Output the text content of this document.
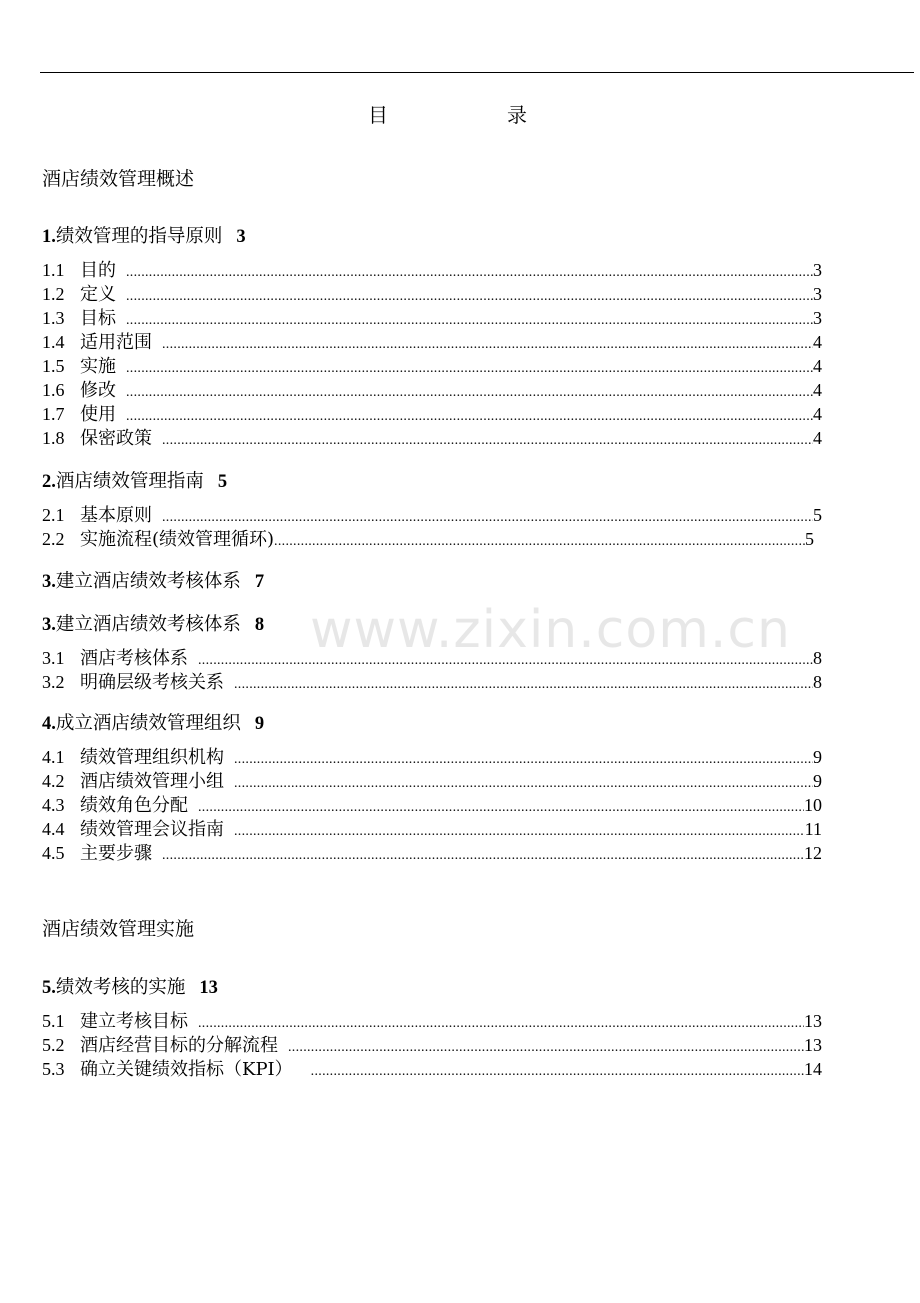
目	录
www.zixin.com.cn
酒店绩效管理概述
1.绩效管理的指导原则 3
1.1 目的 .....	3
1.2 定义 .....	3
1.3 目标 .....	3
1.4 适用范围 .....	4
1.5 实施 .....	4
1.6 修改 .....	4
1.7 使用 .....	4
1.8 保密政策 .....	4
2.酒店绩效管理指南 5
2.1 基本原则 .....	5
2.2 实施流程(绩效管理循环) .....	5
3.建立酒店绩效考核体系 7
3.建立酒店绩效考核体系 8
3.1 酒店考核体系 .....	8
3.2 明确层级考核关系 .....	8
4.成立酒店绩效管理组织 9
4.1 绩效管理组织机构 .....	9
4.2 酒店绩效管理小组 .....	9
4.3 绩效角色分配 .....	10
4.4 绩效管理会议指南 .....	11
4.5 主要步骤 .....	12
酒店绩效管理实施
5.绩效考核的实施 13
5.1 建立考核目标 .....	13
5.2 酒店经营目标的分解流程 .....	13
5.3 确立关键绩效指标（KPI） .....	14
